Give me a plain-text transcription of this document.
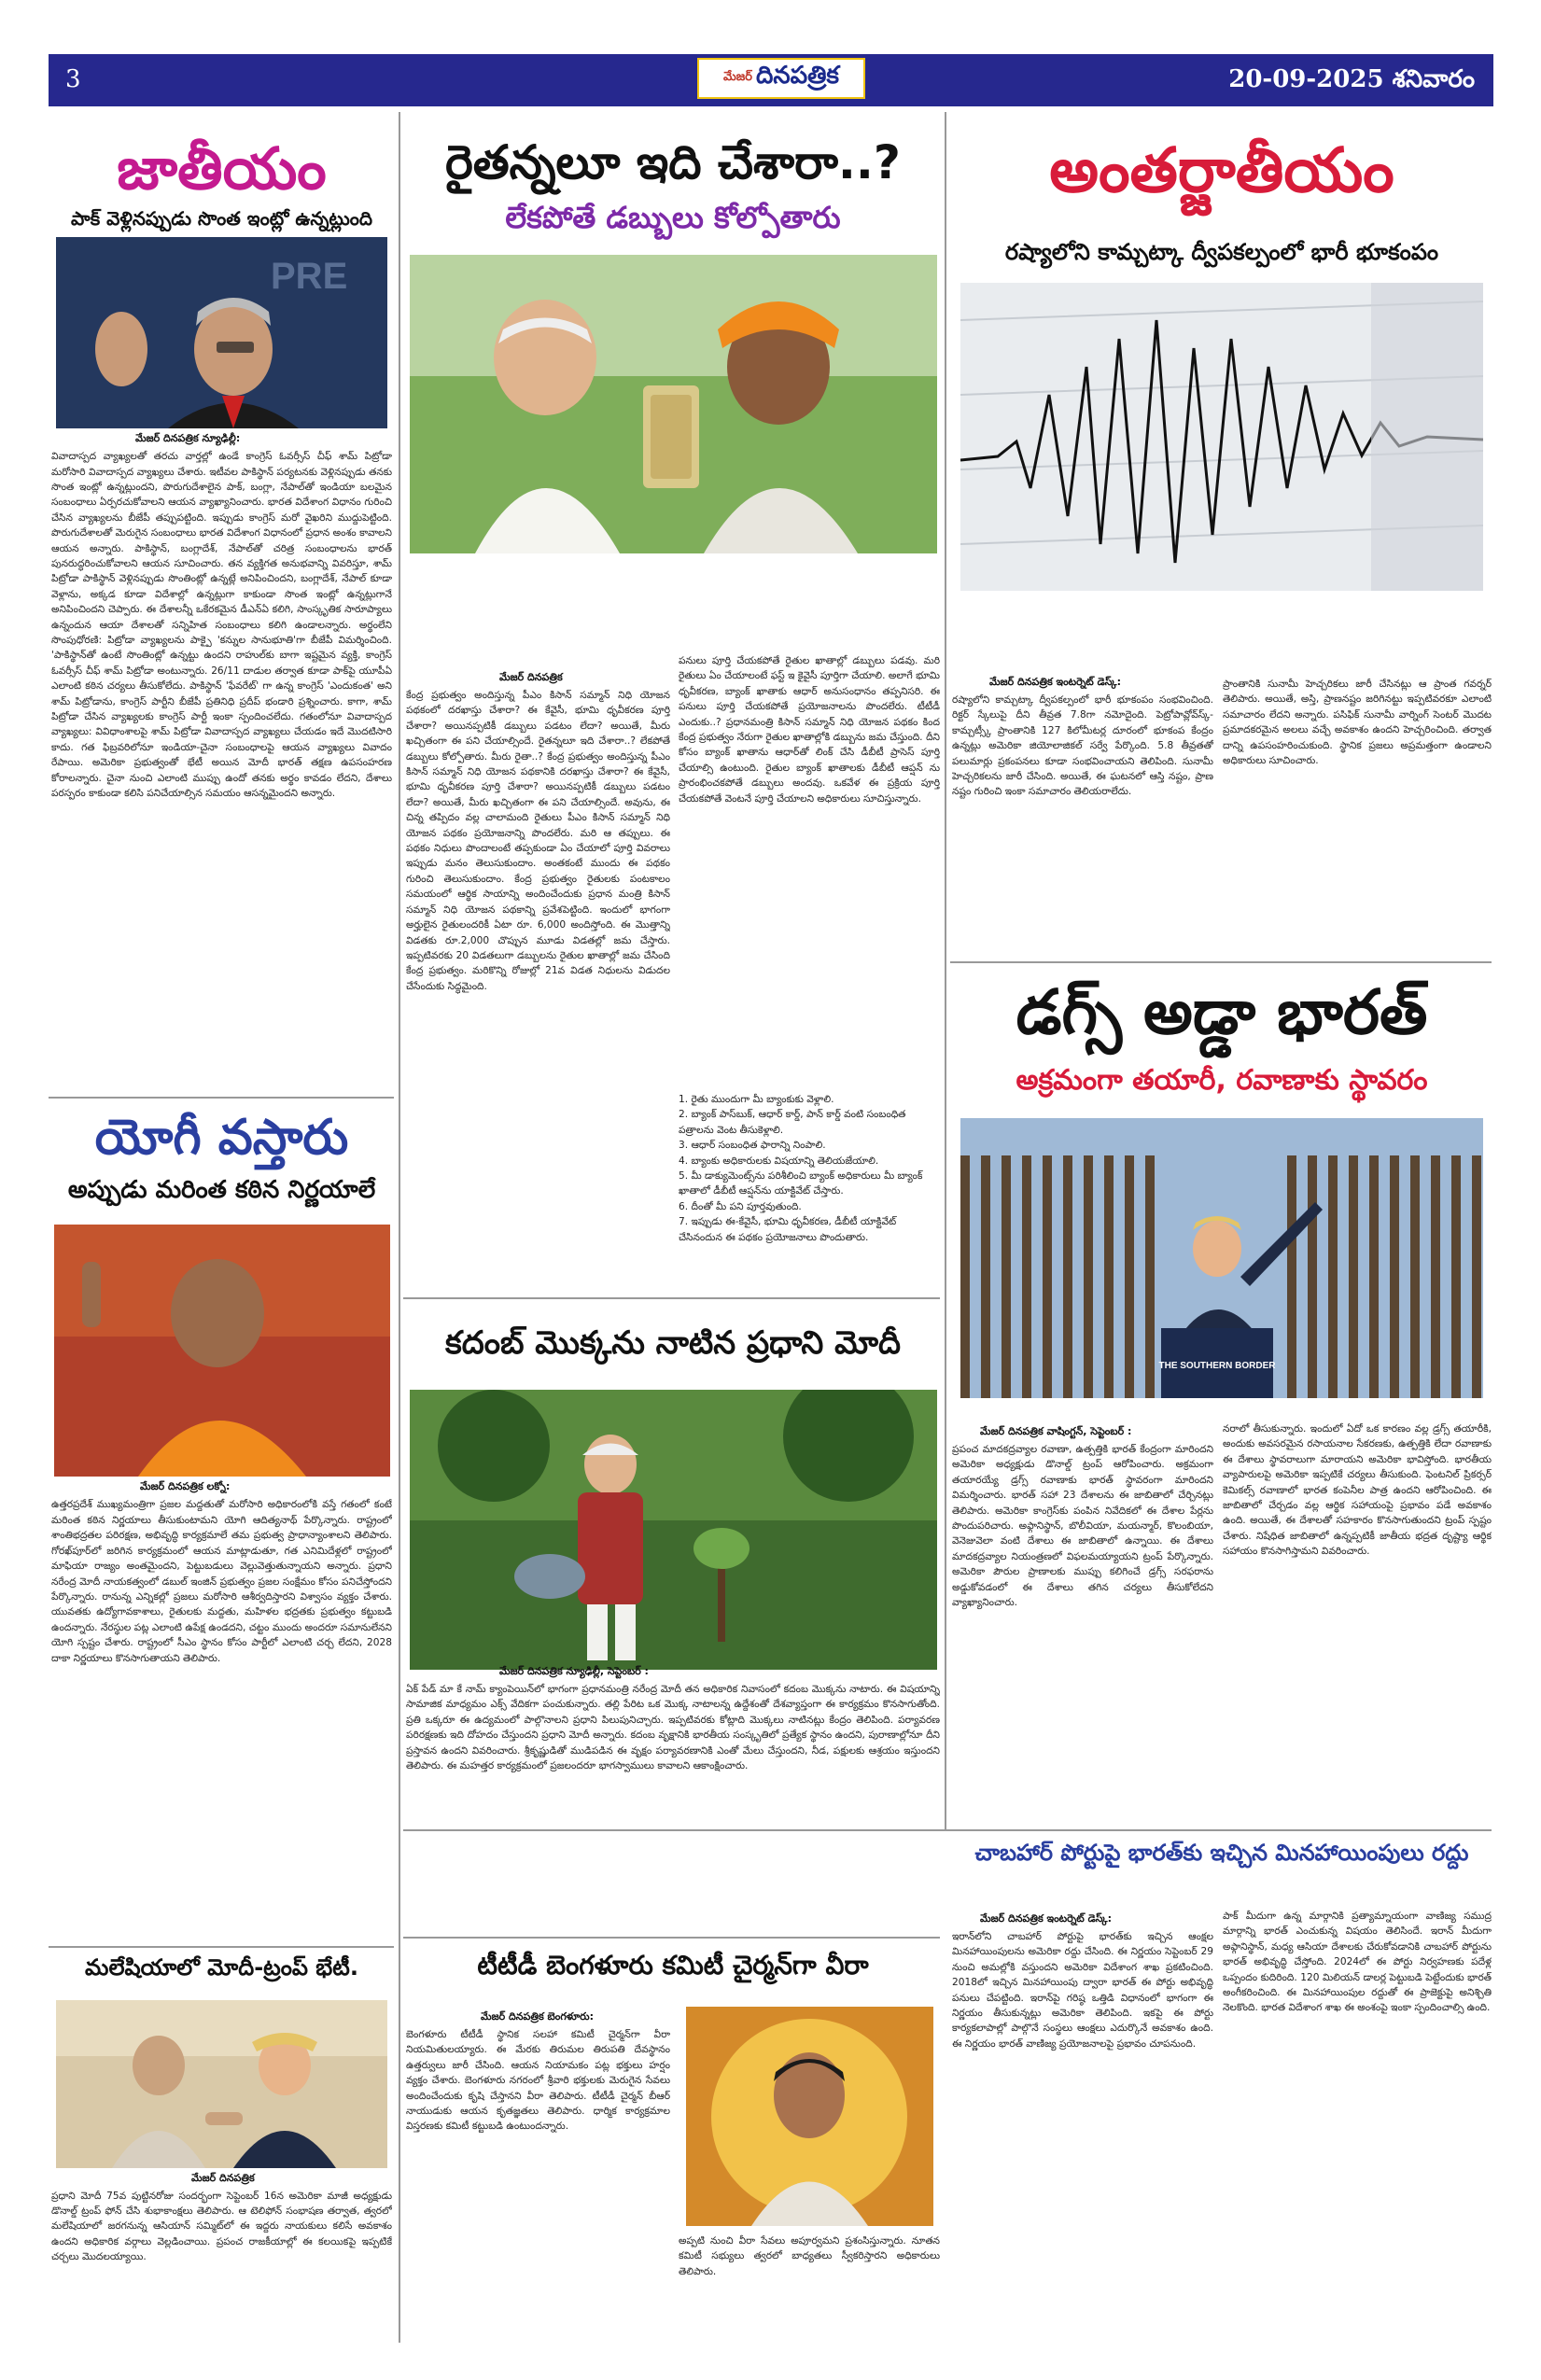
3	మేజర్ దినపత్రిక	20-09-2025 శనివారం
జాతీయం
పాక్ వెళ్లినప్పుడు సొంత ఇంట్లో ఉన్నట్లుంది
PRE
మేజర్ దినపత్రిక న్యూఢిల్లీ:
వివాదాస్పద వ్యాఖ్యలతో తరచు వార్తల్లో ఉండే కాంగ్రెస్ ఓవర్సీస్ చీఫ్ శామ్ పిట్రోడా మరోసారి వివాదాస్పద వ్యాఖ్యలు చేశారు. ఇటీవల పాకిస్థాన్ పర్యటనకు వెళ్లినప్పుడు తనకు సొంత ఇంట్లో ఉన్నట్లుందని, పొరుగుదేశాలైన పాక్, బంగ్లా, నేపాల్‌తో ఇండియా బలమైన సంబంధాలు ఏర్పరచుకోవాలని ఆయన వ్యాఖ్యానించారు. భారత విదేశాంగ విధానం గురించి చేసిన వ్యాఖ్యలను బీజేపీ తప్పుపట్టింది. ఇప్పుడు కాంగ్రెస్ మరో వైఖరిని ముద్దుపెట్టింది. పొరుగుదేశాలతో మెరుగైన సంబంధాలు భారత విదేశాంగ విధానంలో ప్రధాన అంశం కావాలని ఆయన అన్నారు. పాకిస్థాన్, బంగ్లాదేశ్, నేపాల్‌తో చరిత్ర సంబంధాలను భారత్ పునరుద్ధరించుకోవాలని ఆయన సూచించారు. తన వ్యక్తిగత అనుభవాన్ని వివరిస్తూ, శామ్ పిట్రోడా పాకిస్థాన్ వెళ్లినప్పుడు సొంతింట్లో ఉన్నట్లే అనిపించిందని, బంగ్లాదేశ్, నేపాల్ కూడా వెళ్లాను, అక్కడ కూడా విదేశాల్లో ఉన్నట్లుగా కాకుండా సొంత ఇంట్లో ఉన్నట్లుగానే అనిపించిందని చెప్పారు. ఈ దేశాలన్నీ ఒకేరకమైన డీఎన్ఏ కలిగి, సాంస్కృతిక సారూప్యాలు ఉన్నందున ఆయా దేశాలతో సన్నిహిత సంబంధాలు కలిగి ఉండాలన్నారు. అర్థంలేని సొంపుధోరణి: పిట్రోడా వ్యాఖ్యలను పాక్పై 'కన్నుల సానుభూతి'గా బీజేపీ విమర్శించింది. 'పాకిస్థాన్‌తో ఉంటే సొంతింట్లో ఉన్నట్టు ఉందని రాహుల్‌కు బాగా ఇష్టమైన వ్యక్తి, కాంగ్రెస్ ఓవర్సీస్ చీఫ్ శామ్ పిట్రోడా అంటున్నారు. 26/11 దాడుల తర్వాత కూడా పాక్‌పై యూపీఏ ఎలాంటి కఠిన చర్యలు తీసుకోలేదు. పాకిస్థాన్ 'ఫేవరేట్' గా ఉన్న కాంగ్రెస్ 'ఎందుకంత' అని శామ్ పిట్రోడాను, కాంగ్రెస్ పార్టీని బీజేపీ ప్రతినిధి ప్రదీప్ భండారి ప్రశ్నించారు. కాగా, శామ్ పిట్రోడా చేసిన వ్యాఖ్యలకు కాంగ్రెస్ పార్టీ ఇంకా స్పందించలేదు. గతంలోనూ వివాదాస్పద వ్యాఖ్యలు: వివిధాంశాలపై శామ్ పిట్రోడా వివాదాస్పద వ్యాఖ్యలు చేయడం ఇదే మొదటిసారి కాదు. గత ఫిబ్రవరిలోనూ ఇండియా-చైనా సంబంధాలపై ఆయన వ్యాఖ్యలు వివాదం రేపాయి. అమెరికా ప్రభుత్వంతో భేటీ అయిన మోదీ భారత్ తక్షణ ఉపసంహరణ కోరాలన్నారు. చైనా నుంచి ఎలాంటి ముప్పు ఉందో తనకు అర్థం కావడం లేదని, దేశాలు పరస్పరం కాకుండా కలిసి పనిచేయాల్సిన సమయం ఆసన్నమైందని అన్నారు.
యోగీ వస్తారు
అప్పుడు మరింత కఠిన నిర్ణయాలే
మేజర్ దినపత్రిక లక్నో:
ఉత్తరప్రదేశ్ ముఖ్యమంత్రిగా ప్రజల మద్దతుతో మరోసారి అధికారంలోకి వస్తే గతంలో కంటే మరింత కఠిన నిర్ణయాలు తీసుకుంటామని యోగి ఆదిత్యనాథ్ పేర్కొన్నారు. రాష్ట్రంలో శాంతిభద్రతల పరిరక్షణ, అభివృద్ధి కార్యక్రమాలే తమ ప్రభుత్వ ప్రాధాన్యాంశాలని తెలిపారు. గోరఖ్‌పూర్‌లో జరిగిన కార్యక్రమంలో ఆయన మాట్లాడుతూ, గత ఎనిమిదేళ్లలో రాష్ట్రంలో మాఫియా రాజ్యం అంతమైందని, పెట్టుబడులు వెల్లువెత్తుతున్నాయని అన్నారు. ప్రధాని నరేంద్ర మోదీ నాయకత్వంలో డబుల్ ఇంజిన్ ప్రభుత్వం ప్రజల సంక్షేమం కోసం పనిచేస్తోందని పేర్కొన్నారు. రానున్న ఎన్నికల్లో ప్రజలు మరోసారి ఆశీర్వదిస్తారని విశ్వాసం వ్యక్తం చేశారు. యువతకు ఉద్యోగావకాశాలు, రైతులకు మద్దతు, మహిళల భద్రతకు ప్రభుత్వం కట్టుబడి ఉందన్నారు. నేరస్థుల పట్ల ఎలాంటి ఉపేక్ష ఉండదని, చట్టం ముందు అందరూ సమానులేనని యోగి స్పష్టం చేశారు. రాష్ట్రంలో సీఎం స్థానం కోసం పార్టీలో ఎలాంటి చర్చ లేదని, 2028 దాకా నిర్ణయాలు కొనసాగుతాయని తెలిపారు.
మలేషియాలో మోదీ-ట్రంప్ భేటీ.
మేజర్ దినపత్రిక
ప్రధాని మోదీ 75వ పుట్టినరోజు సందర్భంగా సెప్టెంబర్ 16న అమెరికా మాజీ అధ్యక్షుడు డొనాల్డ్ ట్రంప్ ఫోన్ చేసి శుభాకాంక్షలు తెలిపారు. ఆ టెలిఫోన్ సంభాషణ తర్వాత, త్వరలో మలేషియాలో జరగనున్న ఆసియాన్ సమ్మిట్‌లో ఈ ఇద్దరు నాయకులు కలిసే అవకాశం ఉందని అధికారిక వర్గాలు వెల్లడించాయి. ప్రపంచ రాజకీయాల్లో ఈ కలయికపై ఇప్పటికే చర్చలు మొదలయ్యాయి.
రైతన్నలూ ఇది చేశారా..?
లేకపోతే డబ్బులు కోల్పోతారు
మేజర్ దినపత్రిక
కేంద్ర ప్రభుత్వం అందిస్తున్న పీఎం కిసాన్ సమ్మాన్ నిధి యోజన పథకంలో దరఖాస్తు చేశారా? ఈ కేవైసీ, భూమి ధృవీకరణ పూర్తి చేశారా? అయినప్పటికీ డబ్బులు పడటం లేదా? అయితే, మీరు ఖచ్చితంగా ఈ పని చేయాల్సిందే. రైతన్నలూ ఇది చేశారా..? లేకపోతే డబ్బులు కోల్పోతారు. మీరు రైతా..? కేంద్ర ప్రభుత్వం అందిస్తున్న పీఎం కిసాన్ సమ్మాన్ నిధి యోజన పథకానికి దరఖాస్తు చేశారా? ఈ కేవైసీ, భూమి ధృవీకరణ పూర్తి చేశారా? అయినప్పటికీ డబ్బులు పడటం లేదా? అయితే, మీరు ఖచ్చితంగా ఈ పని చేయాల్సిందే. అవును, ఈ చిన్న తప్పిదం వల్ల చాలామంది రైతులు పీఎం కిసాన్ సమ్మాన్ నిధి యోజన పథకం ప్రయోజనాన్ని పొందలేరు. మరి ఆ తప్పులు. ఈ పథకం నిధులు పొందాలంటే తప్పకుండా ఏం చేయాలో పూర్తి వివరాలు ఇప్పుడు మనం తెలుసుకుందాం. అంతకంటే ముందు ఈ పథకం గురించి తెలుసుకుందాం. కేంద్ర ప్రభుత్వం రైతులకు పంటకాలం సమయంలో ఆర్థిక సాయాన్ని అందించేందుకు ప్రధాన మంత్రి కిసాన్ సమ్మాన్ నిధి యోజన పథకాన్ని ప్రవేశపెట్టింది. ఇందులో భాగంగా అర్హులైన రైతులందరికీ ఏటా రూ. 6,000 అందిస్తోంది. ఈ మొత్తాన్ని విడతకు రూ.2,000 చొప్పున మూడు విడతల్లో జమ చేస్తారు. ఇప్పటివరకు 20 విడతలుగా డబ్బులను రైతుల ఖాతాల్లో జమ చేసింది కేంద్ర ప్రభుత్వం. మరికొన్ని రోజుల్లో 21వ విడత నిధులను విడుదల చేసేందుకు సిద్ధమైంది.
పనులు పూర్తి చేయకపోతే రైతుల ఖాతాల్లో డబ్బులు పడవు. మరి రైతులు ఏం చేయాలంటే ఫస్ట్ ఇ కైవైసీ పూర్తిగా చేయాలి. అలాగే భూమి ధృవీకరణ, బ్యాంక్ ఖాతాకు ఆధార్ అనుసంధానం తప్పనిసరి. ఈ పనులు పూర్తి చేయకపోతే ప్రయోజనాలను పొందలేరు. టీటీడీ ఎందుకు..? ప్రధానమంత్రి కిసాన్ సమ్మాన్ నిధి యోజన పథకం కింద కేంద్ర ప్రభుత్వం నేరుగా రైతుల ఖాతాల్లోకి డబ్బును జమ చేస్తుంది. దీని కోసం బ్యాంక్ ఖాతాను ఆధార్‌తో లింక్ చేసి డీబీటీ ప్రాసెస్ పూర్తి చేయాల్సి ఉంటుంది. రైతుల బ్యాంక్ ఖాతాలకు డీబీటీ ఆప్షన్ ను ప్రారంభించకపోతే డబ్బులు అందవు. ఒకవేళ ఈ ప్రక్రియ పూర్తి చేయకపోతే వెంటనే పూర్తి చేయాలని అధికారులు సూచిస్తున్నారు.
1. రైతు ముందుగా మీ బ్యాంకుకు వెళ్లాలి.
2. బ్యాంక్ పాస్‌బుక్, ఆధార్ కార్డ్, పాన్ కార్డ్ వంటి సంబంధిత పత్రాలను వెంట తీసుకెళ్లాలి.
3. ఆధార్ సంబంధిత ఫారాన్ని నింపాలి.
4. బ్యాంకు అధికారులకు విషయాన్ని తెలియజేయాలి.
5. మీ డాక్యుమెంట్స్‌ను పరిశీలించి బ్యాంక్ అధికారులు మీ బ్యాంక్ ఖాతాలో డీబీటీ ఆప్షన్‌ను యాక్టివేట్ చేస్తారు.
6. దీంతో మీ పని పూర్తవుతుంది.
7. ఇప్పుడు ఈ-కేవైసీ, భూమి ధృవీకరణ, డీబీటీ యాక్టివేట్ చేసినందున ఈ పథకం ప్రయోజనాలు పొందుతారు.
కదంబ్ మొక్కను నాటిన ప్రధాని మోదీ
మేజర్ దినపత్రిక న్యూఢిల్లీ, సెప్టెంబర్ :
ఏక్ పేడ్ మా కే నామ్ క్యాంపెయిన్‌లో భాగంగా ప్రధానమంత్రి నరేంద్ర మోదీ తన అధికారిక నివాసంలో కదంబ మొక్కను నాటారు. ఈ విషయాన్ని సామాజిక మాధ్యమం ఎక్స్ వేదికగా పంచుకున్నారు. తల్లి పేరిట ఒక మొక్క నాటాలన్న ఉద్దేశంతో దేశవ్యాప్తంగా ఈ కార్యక్రమం కొనసాగుతోంది. ప్రతి ఒక్కరూ ఈ ఉద్యమంలో పాల్గొనాలని ప్రధాని పిలుపునిచ్చారు. ఇప్పటివరకు కోట్లాది మొక్కలు నాటినట్లు కేంద్రం తెలిపింది. పర్యావరణ పరిరక్షణకు ఇది దోహదం చేస్తుందని ప్రధాని మోదీ అన్నారు. కదంబ వృక్షానికి భారతీయ సంస్కృతిలో ప్రత్యేక స్థానం ఉందని, పురాణాల్లోనూ దీని ప్రస్తావన ఉందని వివరించారు. శ్రీకృష్ణుడితో ముడిపడిన ఈ వృక్షం పర్యావరణానికి ఎంతో మేలు చేస్తుందని, నీడ, పక్షులకు ఆశ్రయం ఇస్తుందని తెలిపారు. ఈ మహత్తర కార్యక్రమంలో ప్రజలందరూ భాగస్వాములు కావాలని ఆకాంక్షించారు.
టీటీడీ బెంగళూరు కమిటీ చైర్మన్‌గా వీరా
మేజర్ దినపత్రిక బెంగళూరు:
బెంగళూరు టీటీడీ స్థానిక సలహా కమిటీ చైర్మన్‌గా వీరా నియమితులయ్యారు. ఈ మేరకు తిరుమల తిరుపతి దేవస్థానం ఉత్తర్వులు జారీ చేసింది. ఆయన నియామకం పట్ల భక్తులు హర్షం వ్యక్తం చేశారు. బెంగళూరు నగరంలో శ్రీవారి భక్తులకు మెరుగైన సేవలు అందించేందుకు కృషి చేస్తానని వీరా తెలిపారు. టీటీడీ చైర్మన్ బీఆర్ నాయుడుకు ఆయన కృతజ్ఞతలు తెలిపారు. ధార్మిక కార్యక్రమాల విస్తరణకు కమిటీ కట్టుబడి ఉంటుందన్నారు.
అప్పటి నుంచి వీరా సేవలు అపూర్వమని ప్రశంసిస్తున్నారు. నూతన కమిటీ సభ్యులు త్వరలో బాధ్యతలు స్వీకరిస్తారని అధికారులు తెలిపారు.
అంతర్జాతీయం
రష్యాలోని కామ్చట్కా ద్వీపకల్పంలో భారీ భూకంపం
మేజర్ దినపత్రిక ఇంటర్నెట్ డెస్క్:
రష్యాలోని కామ్చట్కా ద్వీపకల్పంలో భారీ భూకంపం సంభవించింది. రిక్టర్ స్కేలుపై దీని తీవ్రత 7.8గా నమోదైంది. పెట్రోపావ్లోవ్‌స్క్‌-కామ్చట్స్కీ ప్రాంతానికి 127 కిలోమీటర్ల దూరంలో భూకంప కేంద్రం ఉన్నట్లు అమెరికా జియోలాజికల్ సర్వే పేర్కొంది. 5.8 తీవ్రతతో పలుమార్లు ప్రకంపనలు కూడా సంభవించాయని తెలిపింది. సునామీ హెచ్చరికలను జారీ చేసింది. అయితే, ఈ ఘటనలో ఆస్తి నష్టం, ప్రాణ నష్టం గురించి ఇంకా సమాచారం తెలియరాలేదు.
ప్రాంతానికి సునామీ హెచ్చరికలు జారీ చేసినట్లు ఆ ప్రాంత గవర్నర్ తెలిపారు. అయితే, అస్తి, ప్రాణనష్టం జరిగినట్టు ఇప్పటివరకూ ఎలాంటి సమాచారం లేదని అన్నారు. పసిఫిక్ సునామీ వార్నింగ్ సెంటర్ మొదట ప్రమాదకరమైన అలలు వచ్చే అవకాశం ఉందని హెచ్చరించింది. తర్వాత దాన్ని ఉపసంహరించుకుంది. స్థానిక ప్రజలు అప్రమత్తంగా ఉండాలని అధికారులు సూచించారు.
డగ్స్ అడ్డా భారత్
అక్రమంగా తయారీ, రవాణాకు స్థావరం
THE SOUTHERN BORDER
మేజర్ దినపత్రిక వాషింగ్టన్, సెప్టెంబర్ :
ప్రపంచ మాదకద్రవ్యాల రవాణా, ఉత్పత్తికి భారత్ కేంద్రంగా మారిందని అమెరికా అధ్యక్షుడు డొనాల్డ్ ట్రంప్ ఆరోపించారు. అక్రమంగా తయారయ్యే డ్రగ్స్ రవాణాకు భారత్ స్థావరంగా మారిందని విమర్శించారు. భారత్ సహా 23 దేశాలను ఈ జాబితాలో చేర్చినట్లు తెలిపారు. అమెరికా కాంగ్రెస్‌కు పంపిన నివేదికలో ఈ దేశాల పేర్లను పొందుపరిచారు. అఫ్గానిస్థాన్, బొలీవియా, మయన్మార్, కొలంబియా, వెనెజువెలా వంటి దేశాలు ఈ జాబితాలో ఉన్నాయి. ఈ దేశాలు మాదకద్రవ్యాల నియంత్రణలో విఫలమయ్యాయని ట్రంప్ పేర్కొన్నారు. అమెరికా పౌరుల ప్రాణాలకు ముప్పు కలిగించే డ్రగ్స్ సరఫరాను అడ్డుకోవడంలో ఈ దేశాలు తగిన చర్యలు తీసుకోలేదని వ్యాఖ్యానించారు.
నరాలో తీసుకున్నారు. ఇందులో ఏదో ఒక కారణం వల్ల డ్రగ్స్ తయారీకి, అందుకు అవసరమైన రసాయనాల సేకరణకు, ఉత్పత్తికి లేదా రవాణాకు ఈ దేశాలు స్థావరాలుగా మారాయని అమెరికా భావిస్తోంది. భారతీయ వ్యాపారులపై అమెరికా ఇప్పటికే చర్యలు తీసుకుంది. ఫెంటనిల్ ప్రికర్సర్ కెమికల్స్ రవాణాలో భారత కంపెనీల పాత్ర ఉందని ఆరోపించింది. ఈ జాబితాలో చేర్చడం వల్ల ఆర్థిక సహాయంపై ప్రభావం పడే అవకాశం ఉంది. అయితే, ఈ దేశాలతో సహకారం కొనసాగుతుందని ట్రంప్ స్పష్టం చేశారు. నిషేధిత జాబితాలో ఉన్నప్పటికీ జాతీయ భద్రత దృష్ట్యా ఆర్థిక సహాయం కొనసాగిస్తామని వివరించారు.
చాబహార్ పోర్టుపై భారత్‌కు ఇచ్చిన మినహాయింపులు రద్దు
మేజర్ దినపత్రిక ఇంటర్నెట్ డెస్క్:
ఇరాన్‌లోని చాబహార్ పోర్టుపై భారత్‌కు ఇచ్చిన ఆంక్షల మినహాయింపులను అమెరికా రద్దు చేసింది. ఈ నిర్ణయం సెప్టెంబర్ 29 నుంచి అమల్లోకి వస్తుందని అమెరికా విదేశాంగ శాఖ ప్రకటించింది. 2018లో ఇచ్చిన మినహాయింపు ద్వారా భారత్ ఈ పోర్టు అభివృద్ధి పనులు చేపట్టింది. ఇరాన్‌పై గరిష్ఠ ఒత్తిడి విధానంలో భాగంగా ఈ నిర్ణయం తీసుకున్నట్లు అమెరికా తెలిపింది. ఇకపై ఈ పోర్టు కార్యకలాపాల్లో పాల్గొనే సంస్థలు ఆంక్షలు ఎదుర్కొనే అవకాశం ఉంది. ఈ నిర్ణయం భారత్ వాణిజ్య ప్రయోజనాలపై ప్రభావం చూపనుంది.
పాక్ మీదుగా ఉన్న మార్గానికి ప్రత్యామ్నాయంగా వాణిజ్య సముద్ర మార్గాన్ని భారత్ ఎంచుకున్న విషయం తెలిసిందే. ఇరాన్ మీదుగా అఫ్గానిస్థాన్, మధ్య ఆసియా దేశాలకు చేరుకోవడానికి చాబహార్ పోర్టును భారత్ అభివృద్ధి చేస్తోంది. 2024లో ఈ పోర్టు నిర్వహణకు పదేళ్ల ఒప్పందం కుదిరింది. 120 మిలియన్ డాలర్ల పెట్టుబడి పెట్టేందుకు భారత్ అంగీకరించింది. ఈ మినహాయింపుల రద్దుతో ఈ ప్రాజెక్టుపై అనిశ్చితి నెలకొంది. భారత విదేశాంగ శాఖ ఈ అంశంపై ఇంకా స్పందించాల్సి ఉంది.
